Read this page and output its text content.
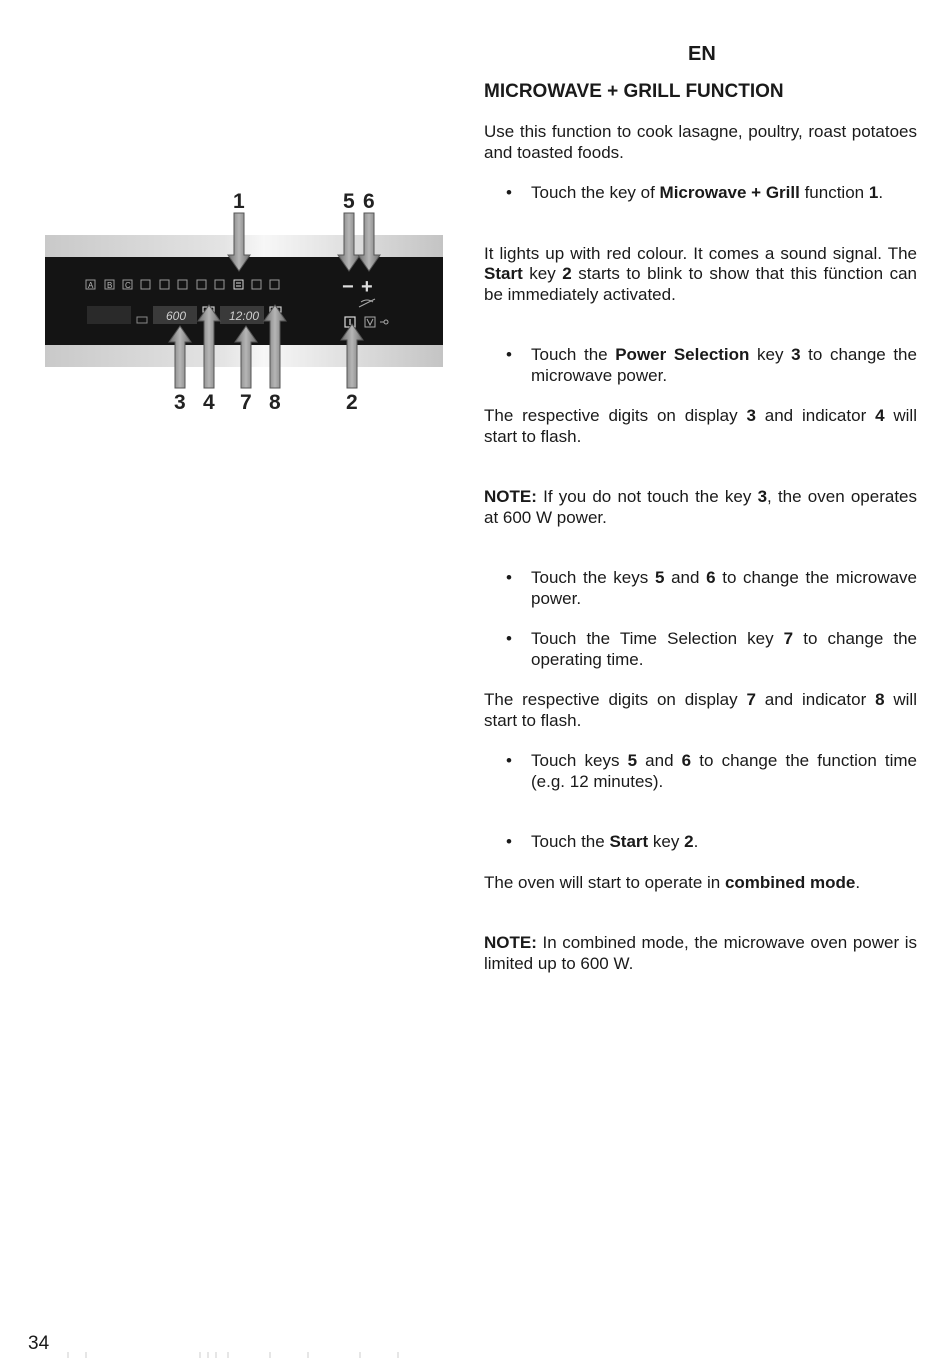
EN
MICROWAVE + GRILL FUNCTION
A B C
600	12:00
− +
1	5 6
3 4 7 8	2

Use this function to cook lasagne, poultry, roast potatoes and toasted foods.

• Touch the key of Microwave + Grill function 1.

It lights up with red colour. It comes a sound signal. The Start key 2 starts to blink to show that this fünction can be immediately activated.

• Touch the Power Selection key 3 to change the microwave power.

The respective digits on display 3 and indicator 4 will start to flash.

NOTE: If you do not touch the key 3, the oven operates at 600 W power.

• Touch the keys 5 and 6 to change the microwave power.

• Touch the Time Selection key 7 to change the operating time.

The respective digits on display 7 and indicator 8 will start to flash.

• Touch keys 5 and 6 to change the function time (e.g. 12 minutes).

• Touch the Start key 2.

The oven will start to operate in combined mode.

NOTE: In combined mode, the microwave oven power is limited up to 600 W.

34
